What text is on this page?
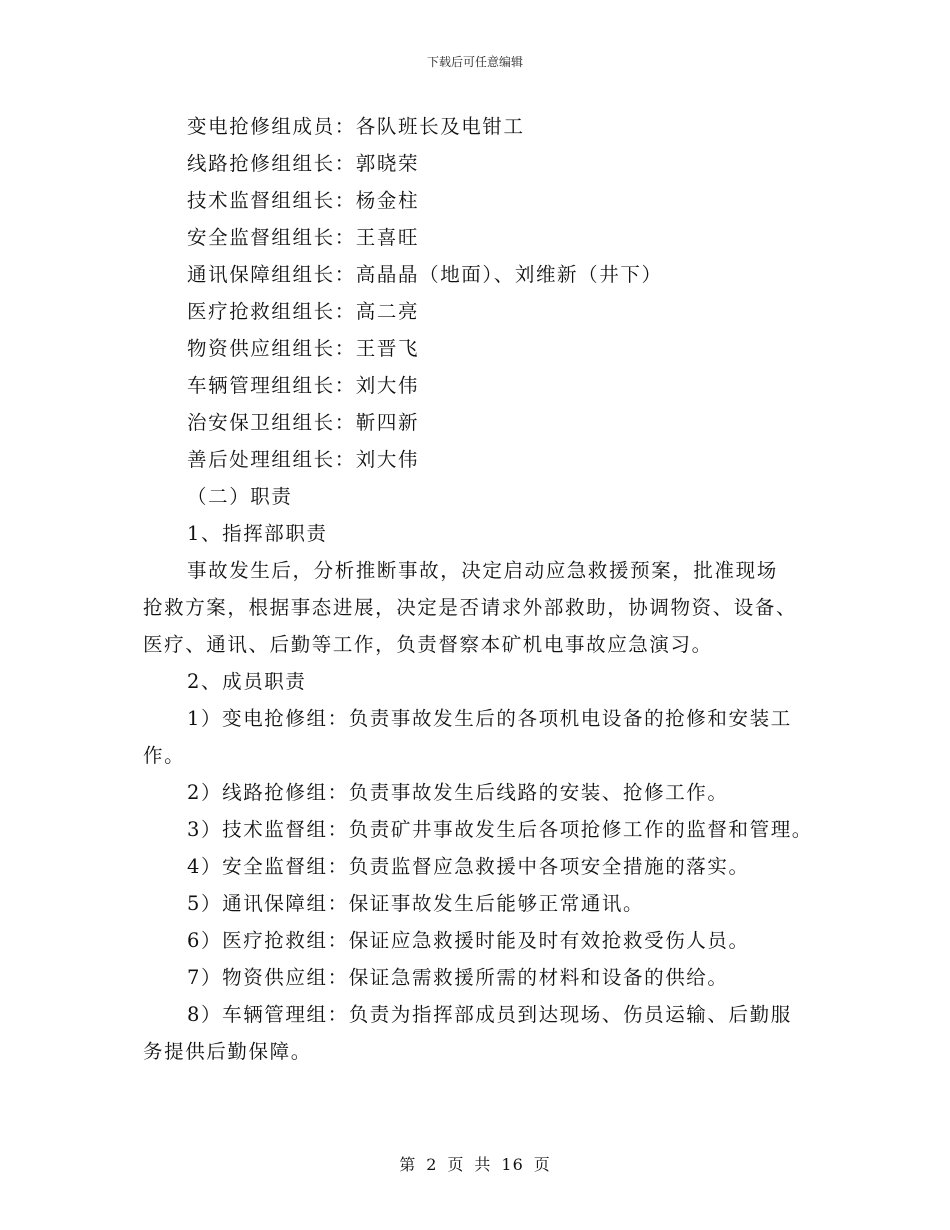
下载后可任意编辑
变电抢修组成员：各队班长及电钳工
线路抢修组组长：郭晓荣
技术监督组组长：杨金柱
安全监督组组长：王喜旺
通讯保障组组长：高晶晶（地面）、刘维新（井下）
医疗抢救组组长：高二亮
物资供应组组长：王晋飞
车辆管理组组长：刘大伟
治安保卫组组长：靳四新
善后处理组组长：刘大伟
（二）职责
1、指挥部职责
事故发生后，分析推断事故，决定启动应急救援预案，批准现场
抢救方案，根据事态进展，决定是否请求外部救助，协调物资、设备、
医疗、通讯、后勤等工作，负责督察本矿机电事故应急演习。
2、成员职责
1）变电抢修组：负责事故发生后的各项机电设备的抢修和安装工
作。
2）线路抢修组：负责事故发生后线路的安装、抢修工作。
3）技术监督组：负责矿井事故发生后各项抢修工作的监督和管理。
4）安全监督组：负责监督应急救援中各项安全措施的落实。
5）通讯保障组：保证事故发生后能够正常通讯。
6）医疗抢救组：保证应急救援时能及时有效抢救受伤人员。
7）物资供应组：保证急需救援所需的材料和设备的供给。
8）车辆管理组：负责为指挥部成员到达现场、伤员运输、后勤服
务提供后勤保障。
第 2 页 共 16 页
